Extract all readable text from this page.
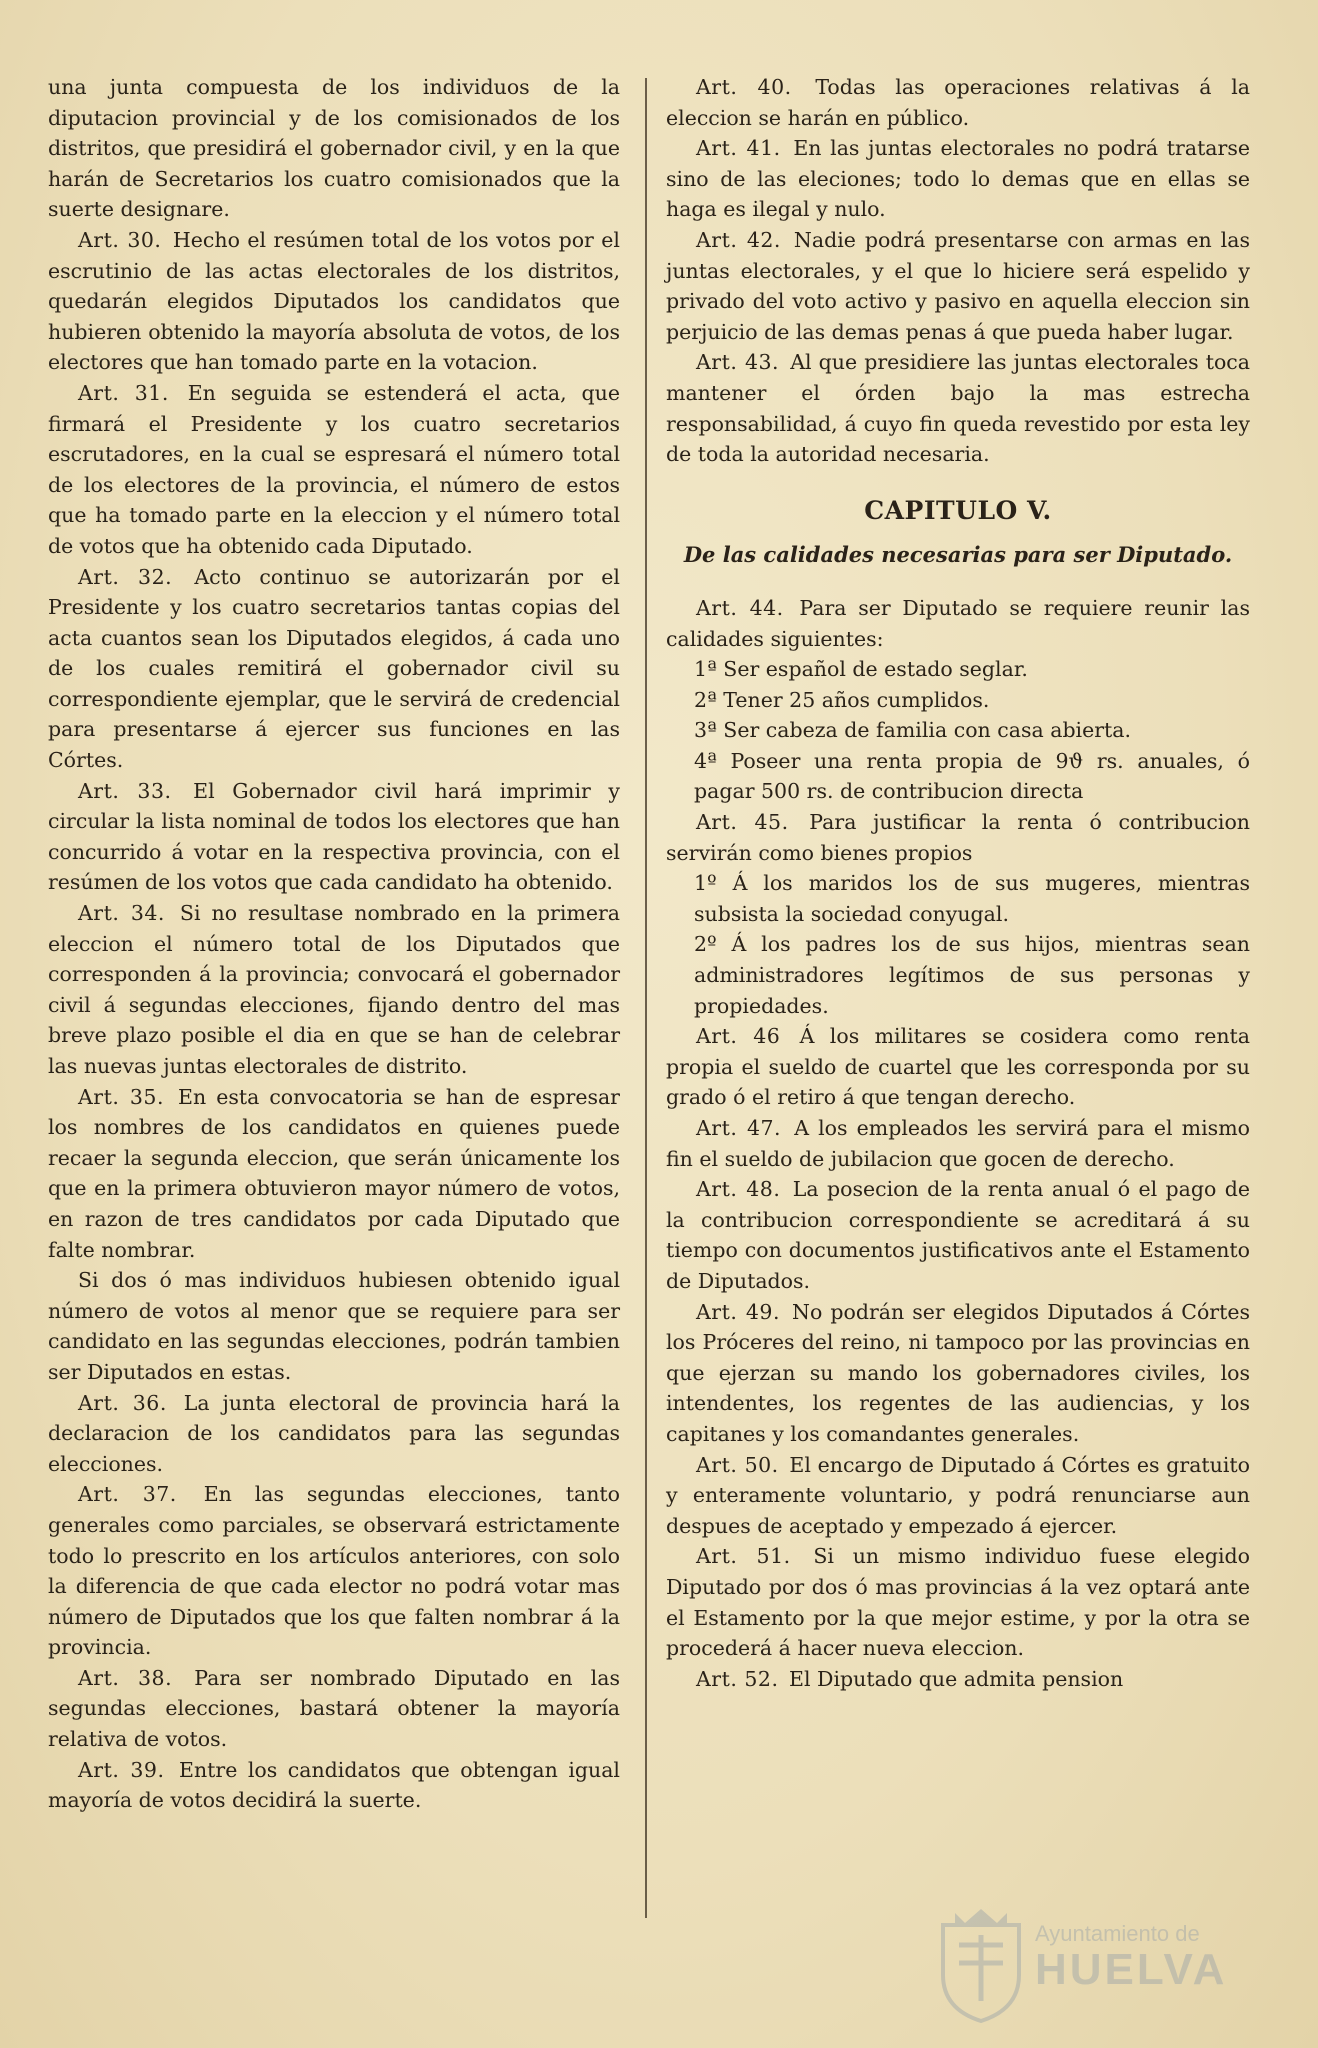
una junta compuesta de los individuos de la diputacion provincial y de los comisionados de los distritos, que presidirá el gobernador civil, y en la que harán de Secretarios los cuatro comisionados que la suerte designare.

Art. 30. Hecho el resúmen total de los votos por el escrutinio de las actas electorales de los distritos, quedarán elegidos Diputados los candidatos que hubieren obtenido la mayoría absoluta de votos, de los electores que han tomado parte en la votacion.

Art. 31. En seguida se estenderá el acta, que firmará el Presidente y los cuatro secretarios escrutadores, en la cual se espresará el número total de los electores de la provincia, el número de estos que ha tomado parte en la eleccion y el número total de votos que ha obtenido cada Diputado.

Art. 32. Acto continuo se autorizarán por el Presidente y los cuatro secretarios tantas copias del acta cuantos sean los Diputados elegidos, á cada uno de los cuales remitirá el gobernador civil su correspondiente ejemplar, que le servirá de credencial para presentarse á ejercer sus funciones en las Córtes.

Art. 33. El Gobernador civil hará imprimir y circular la lista nominal de todos los electores que han concurrido á votar en la respectiva provincia, con el resúmen de los votos que cada candidato ha obtenido.

Art. 34. Si no resultase nombrado en la primera eleccion el número total de los Diputados que corresponden á la provincia; convocará el gobernador civil á segundas elecciones, fijando dentro del mas breve plazo posible el dia en que se han de celebrar las nuevas juntas electorales de distrito.

Art. 35. En esta convocatoria se han de espresar los nombres de los candidatos en quienes puede recaer la segunda eleccion, que serán únicamente los que en la primera obtuvieron mayor número de votos, en razon de tres candidatos por cada Diputado que falte nombrar.

Si dos ó mas individuos hubiesen obtenido igual número de votos al menor que se requiere para ser candidato en las segundas elecciones, podrán tambien ser Diputados en estas.

Art. 36. La junta electoral de provincia hará la declaracion de los candidatos para las segundas elecciones.

Art. 37. En las segundas elecciones, tanto generales como parciales, se observará estrictamente todo lo prescrito en los artículos anteriores, con solo la diferencia de que cada elector no podrá votar mas número de Diputados que los que falten nombrar á la provincia.

Art. 38. Para ser nombrado Diputado en las segundas elecciones, bastará obtener la mayoría relativa de votos.

Art. 39. Entre los candidatos que obtengan igual mayoría de votos decidirá la suerte.

Art. 40. Todas las operaciones relativas á la eleccion se harán en público.

Art. 41. En las juntas electorales no podrá tratarse sino de las eleciones; todo lo demas que en ellas se haga es ilegal y nulo.

Art. 42. Nadie podrá presentarse con armas en las juntas electorales, y el que lo hiciere será espelido y privado del voto activo y pasivo en aquella eleccion sin perjuicio de las demas penas á que pueda haber lugar.

Art. 43. Al que presidiere las juntas electorales toca mantener el órden bajo la mas estrecha responsabilidad, á cuyo fin queda revestido por esta ley de toda la autoridad necesaria.

CAPITULO V.
De las calidades necesarias para ser Diputado.

Art. 44. Para ser Diputado se requiere reunir las calidades siguientes:

1ª Ser español de estado seglar.

2ª Tener 25 años cumplidos.

3ª Ser cabeza de familia con casa abierta.

4ª Poseer una renta propia de 9ϑ rs. anuales, ó pagar 500 rs. de contribucion directa

Art. 45. Para justificar la renta ó contribucion servirán como bienes propios

1º Á los maridos los de sus mugeres, mientras subsista la sociedad conyugal.

2º Á los padres los de sus hijos, mientras sean administradores legítimos de sus personas y propiedades.

Art. 46 Á los militares se cosidera como renta propia el sueldo de cuartel que les corresponda por su grado ó el retiro á que tengan derecho.

Art. 47. A los empleados les servirá para el mismo fin el sueldo de jubilacion que gocen de derecho.

Art. 48. La posecion de la renta anual ó el pago de la contribucion correspondiente se acreditará á su tiempo con documentos justificativos ante el Estamento de Diputados.

Art. 49. No podrán ser elegidos Diputados á Córtes los Próceres del reino, ni tampoco por las provincias en que ejerzan su mando los gobernadores civiles, los intendentes, los regentes de las audiencias, y los capitanes y los comandantes generales.

Art. 50. El encargo de Diputado á Córtes es gratuito y enteramente voluntario, y podrá renunciarse aun despues de aceptado y empezado á ejercer.

Art. 51. Si un mismo individuo fuese elegido Diputado por dos ó mas provincias á la vez optará ante el Estamento por la que mejor estime, y por la otra se procederá á hacer nueva eleccion.

Art. 52. El Diputado que admita pension

Ayuntamiento de
HUELVA
